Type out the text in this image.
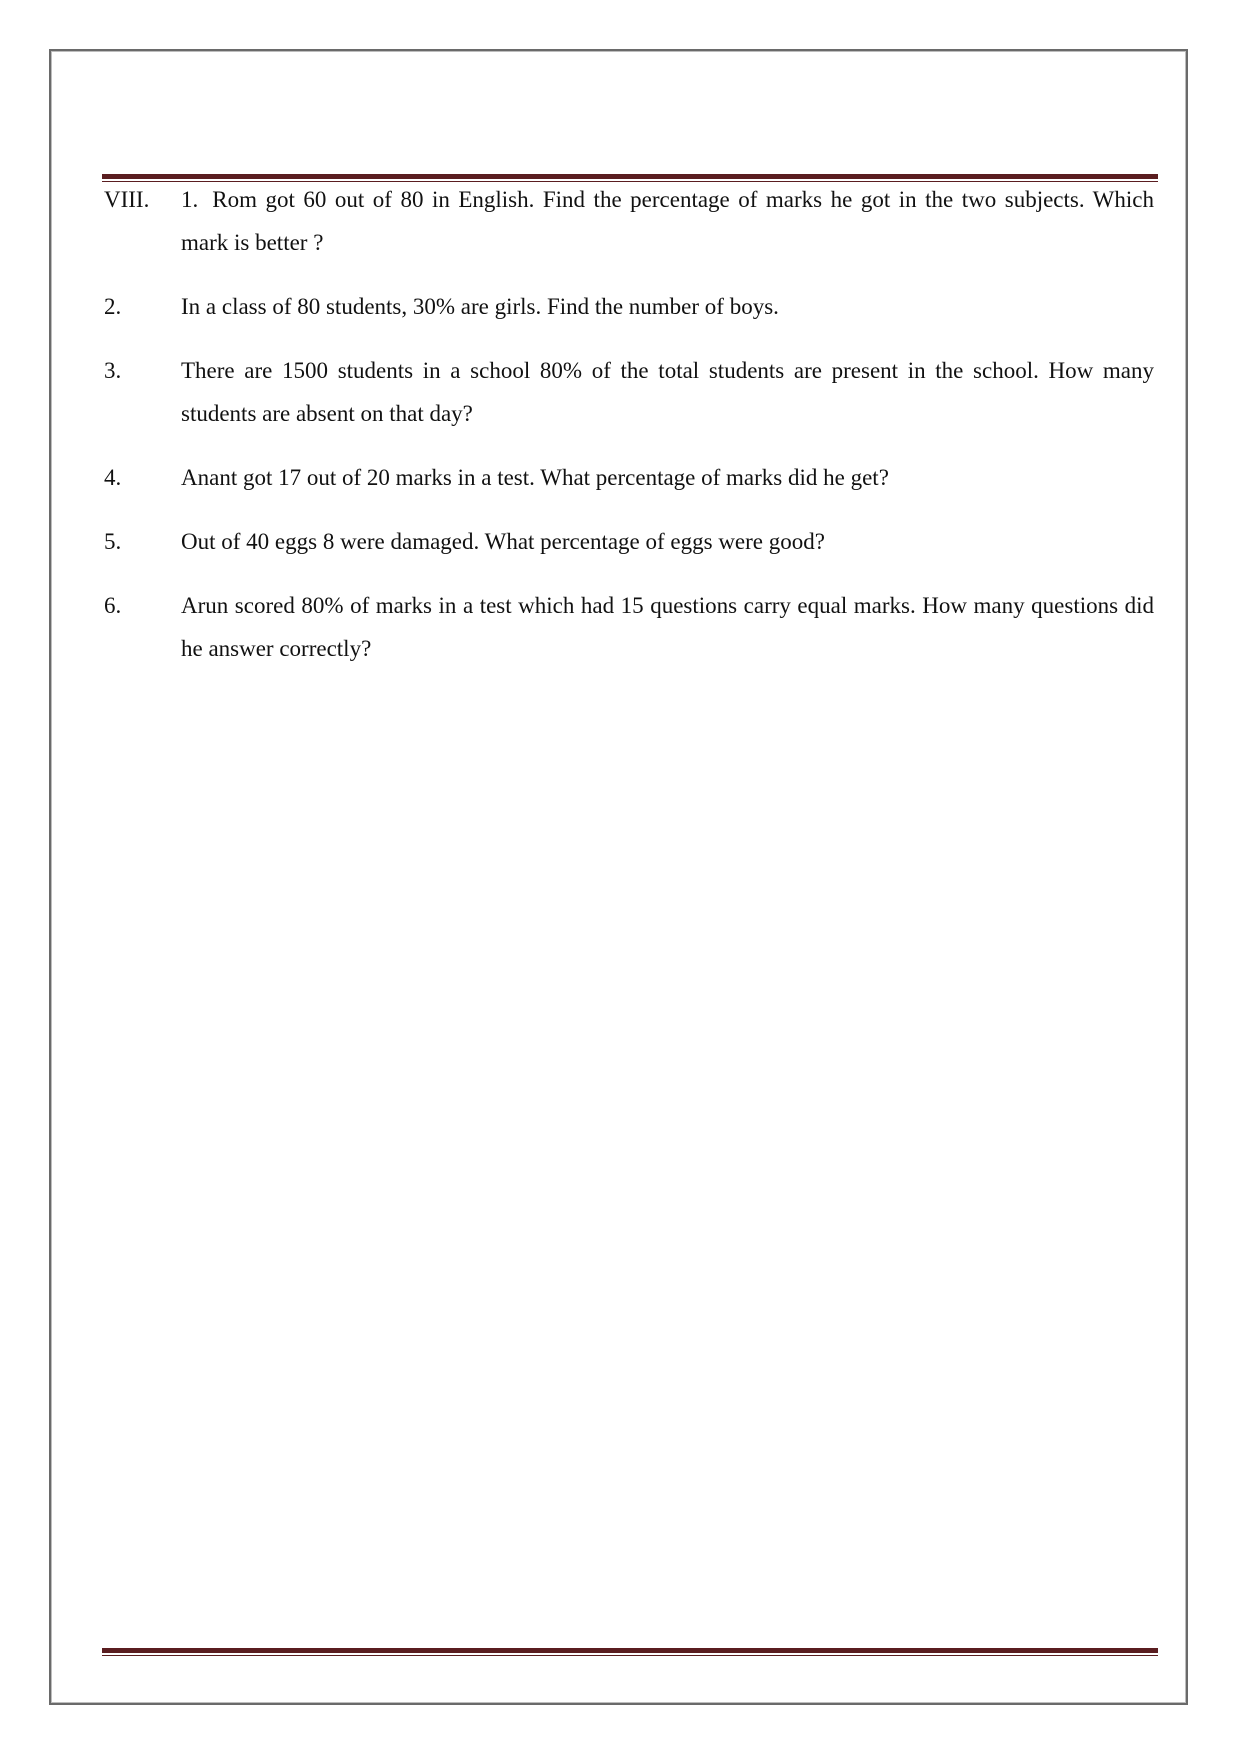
VIII. 1. Rom got 60 out of 80 in English. Find the percentage of marks he got in the two subjects. Which mark is better ?
2.	In a class of 80 students, 30% are girls. Find the number of boys.
3.	There are 1500 students in a school 80% of the total students are present in the school. How many students are absent on that day?
4.	Anant got 17 out of 20 marks in a test. What percentage of marks did he get?
5.	Out of 40 eggs 8 were damaged. What percentage of eggs were good?
6.	Arun scored 80% of marks in a test which had 15 questions carry equal marks. How many questions did he answer correctly?
